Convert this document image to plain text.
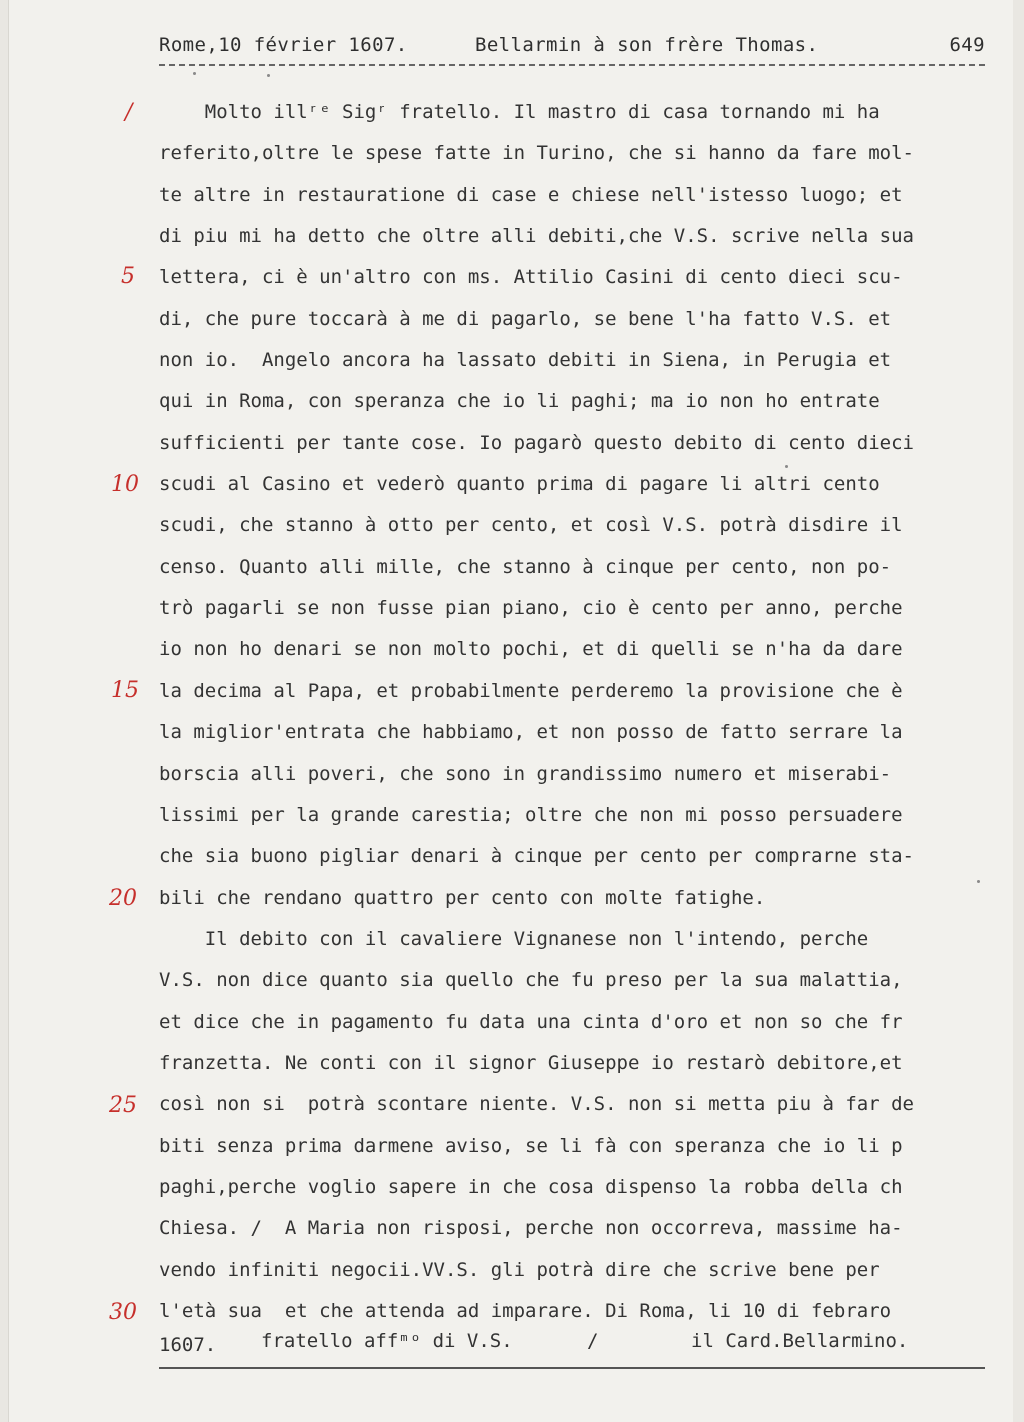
Rome,10 février 1607.	Bellarmin à son frère Thomas.	649
/
5
10
15
20
25
30
Molto illʳᵉ Sigʳ fratello. Il mastro di casa tornando mi ha
referito,oltre le spese fatte in Turino, che si hanno da fare mol-
te altre in restauratione di case e chiese nell'istesso luogo; et
di piu mi ha detto che oltre alli debiti,che V.S. scrive nella sua
lettera, ci è un'altro con ms. Attilio Casini di cento dieci scu-
di, che pure toccarà à me di pagarlo, se bene l'ha fatto V.S. et
non io.  Angelo ancora ha lassato debiti in Siena, in Perugia et
qui in Roma, con speranza che io li paghi; ma io non ho entrate
sufficienti per tante cose. Io pagarò questo debito di cento dieci
scudi al Casino et vederò quanto prima di pagare li altri cento
scudi, che stanno à otto per cento, et così V.S. potrà disdire il
censo. Quanto alli mille, che stanno à cinque per cento, non po-
trò pagarli se non fusse pian piano, cio è cento per anno, perche
io non ho denari se non molto pochi, et di quelli se n'ha da dare
la decima al Papa, et probabilmente perderemo la provisione che è
la miglior'entrata che habbiamo, et non posso de fatto serrare la
borscia alli poveri, che sono in grandissimo numero et miserabi-
lissimi per la grande carestia; oltre che non mi posso persuadere
che sia buono pigliar denari à cinque per cento per comprarne sta-
bili che rendano quattro per cento con molte fatighe.
Il debito con il cavaliere Vignanese non l'intendo, perche
V.S. non dice quanto sia quello che fu preso per la sua malattia,
et dice che in pagamento fu data una cinta d'oro et non so che fr
franzetta. Ne conti con il signor Giuseppe io restarò debitore,et
così non si  potrà scontare niente. V.S. non si metta piu à far de
biti senza prima darmene aviso, se li fà con speranza che io li p
paghi,perche voglio sapere in che cosa dispenso la robba della ch
Chiesa. /  A Maria non risposi, perche non occorreva, massime ha-
vendo infiniti negocii.VV.S. gli potrà dire che scrive bene per
l'età sua  et che attenda ad imparare. Di Roma, li 10 di febraro
1607.	fratello affᵐᵒ di V.S.	/	il Card.Bellarmino.
